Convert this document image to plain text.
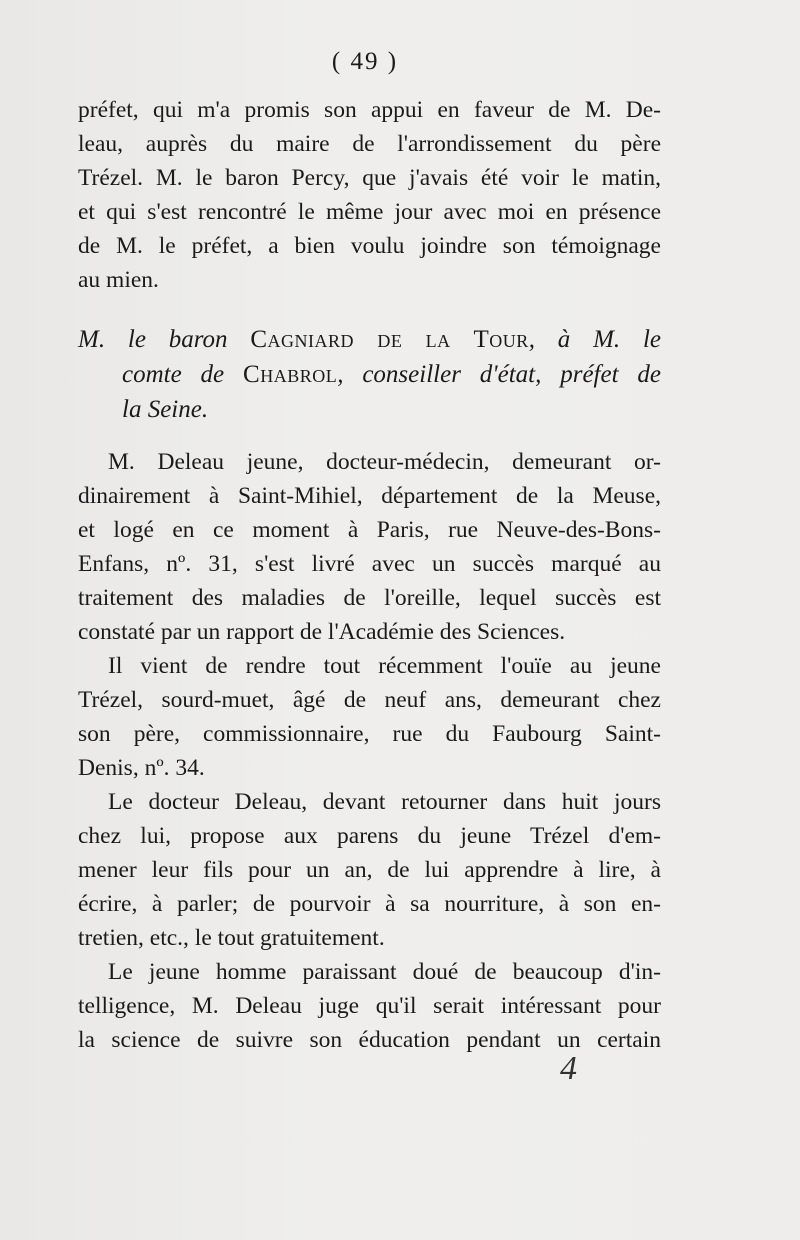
( 49 )
préfet, qui m'a promis son appui en faveur de M. De-
leau, auprès du maire de l'arrondissement du père
Trézel. M. le baron Percy, que j'avais été voir le matin,
et qui s'est rencontré le même jour avec moi en présence
de M. le préfet, a bien voulu joindre son témoignage
au mien.
M. le baron Cagniard de la Tour, à M. le
comte de Chabrol, conseiller d'état, préfet de
la Seine.
M. Deleau jeune, docteur-médecin, demeurant or-
dinairement à Saint-Mihiel, département de la Meuse,
et logé en ce moment à Paris, rue Neuve-des-Bons-
Enfans, nº. 31, s'est livré avec un succès marqué au
traitement des maladies de l'oreille, lequel succès est
constaté par un rapport de l'Académie des Sciences.
Il vient de rendre tout récemment l'ouïe au jeune
Trézel, sourd-muet, âgé de neuf ans, demeurant chez
son père, commissionnaire, rue du Faubourg Saint-
Denis, nº. 34.
Le docteur Deleau, devant retourner dans huit jours
chez lui, propose aux parens du jeune Trézel d'em-
mener leur fils pour un an, de lui apprendre à lire, à
écrire, à parler; de pourvoir à sa nourriture, à son en-
tretien, etc., le tout gratuitement.
Le jeune homme paraissant doué de beaucoup d'in-
telligence, M. Deleau juge qu'il serait intéressant pour
la science de suivre son éducation pendant un certain
4
